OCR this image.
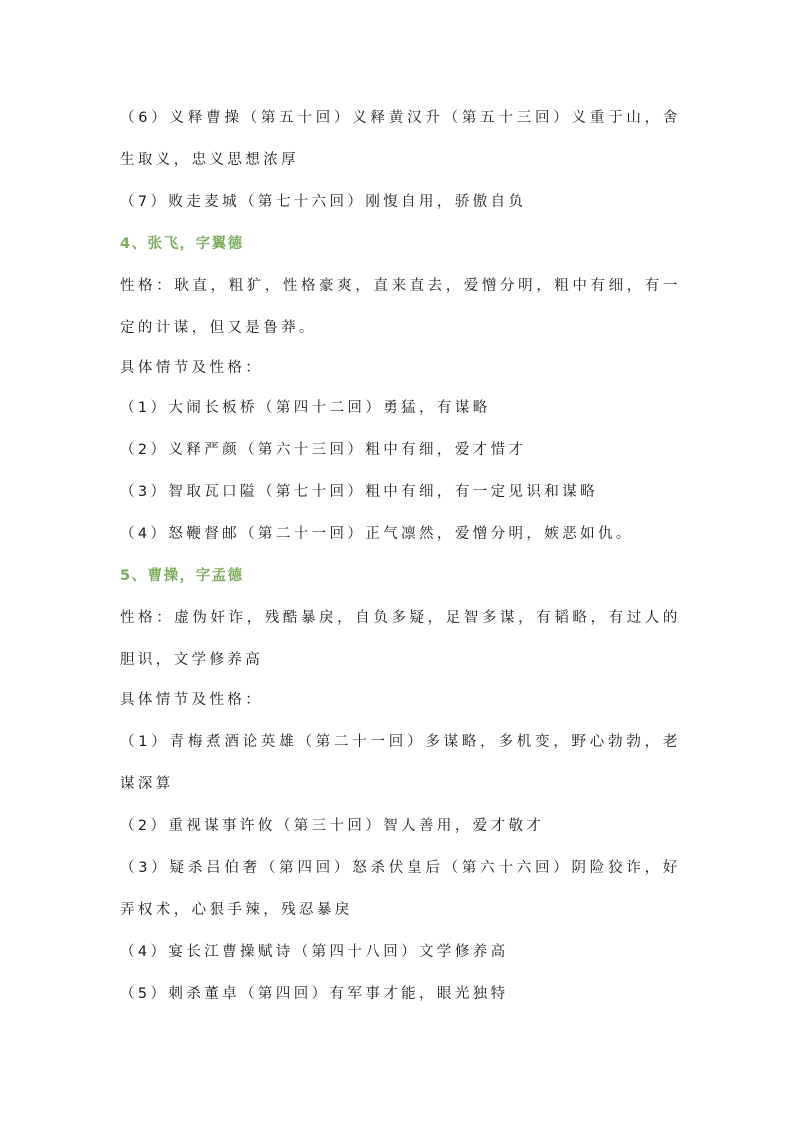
（6）义释曹操（第五十回）义释黄汉升（第五十三回）义重于山，舍
生取义，忠义思想浓厚
（7）败走麦城（第七十六回）刚愎自用，骄傲自负
4、张飞，字翼德
性格：耿直，粗犷，性格豪爽，直来直去，爱憎分明，粗中有细，有一
定的计谋，但又是鲁莽。
具体情节及性格：
（1）大闹长板桥（第四十二回）勇猛，有谋略
（2）义释严颜（第六十三回）粗中有细，爱才惜才
（3）智取瓦口隘（第七十回）粗中有细，有一定见识和谋略
（4）怒鞭督邮（第二十一回）正气凛然，爱憎分明，嫉恶如仇。
5、曹操，字孟德
性格：虚伪奸诈，残酷暴戾，自负多疑，足智多谋，有韬略，有过人的
胆识，文学修养高
具体情节及性格：
（1）青梅煮酒论英雄（第二十一回）多谋略，多机变，野心勃勃，老
谋深算
（2）重视谋事许攸（第三十回）智人善用，爱才敬才
（3）疑杀吕伯奢（第四回）怒杀伏皇后（第六十六回）阴险狡诈，好
弄权术，心狠手辣，残忍暴戾
（4）宴长江曹操赋诗（第四十八回）文学修养高
（5）刺杀董卓（第四回）有军事才能，眼光独特
